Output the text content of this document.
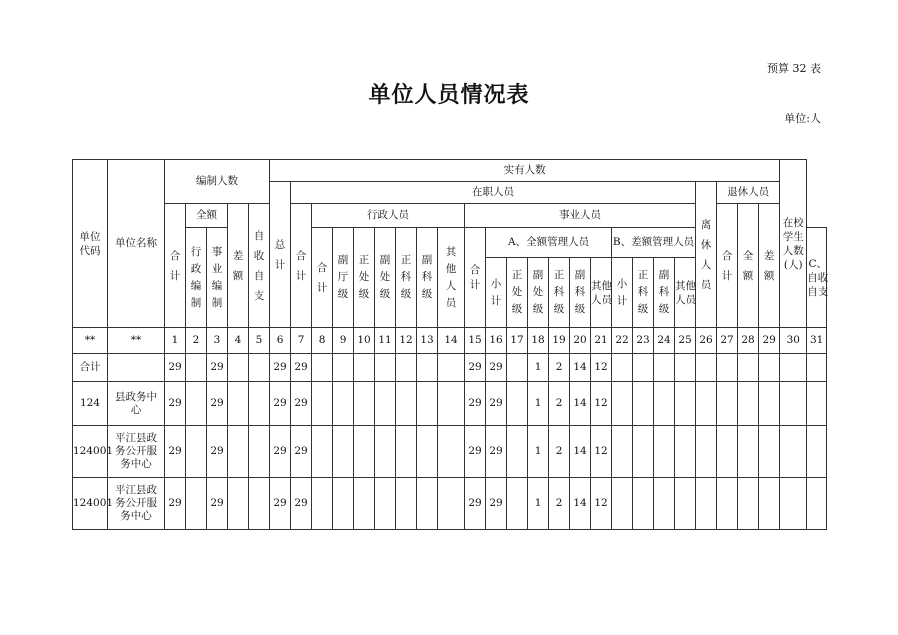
预算 32 表
单位人员情况表
单位:人
单位代码	单位名称	编制人数					实有人数																								在校学生人数(人)	

							总计	在职人员																			离休人员	退休人员				

		合计	全额		差额	自收自支		合计	行政人员							事业人员												合计	全额	差额		

			行政编制	事业编制					合计	副厅级	正处级	副处级	正科级	副科级	其他人员	合计	A、全额管理人员						B、差额管理人员									C、自收自支

																	小计	正处级	副处级	正科级	副科级	其他人员	小计	正科级	副科级	其他人员						

**	**	1	2	3	4	5	6	7	8	9	10	11	12	13	14	15	16	17	18	19	20	21	22	23	24	25	26	27	28	29	30	31
合计		29		29			29	29								29	29		1	2	14	12										
124	县政务中心	29		29			29	29								29	29		1	2	14	12										
124001	平江县政务公开服务中心	29		29			29	29								29	29		1	2	14	12										
124001	平江县政务公开服务中心	29		29			29	29								29	29		1	2	14	12										
